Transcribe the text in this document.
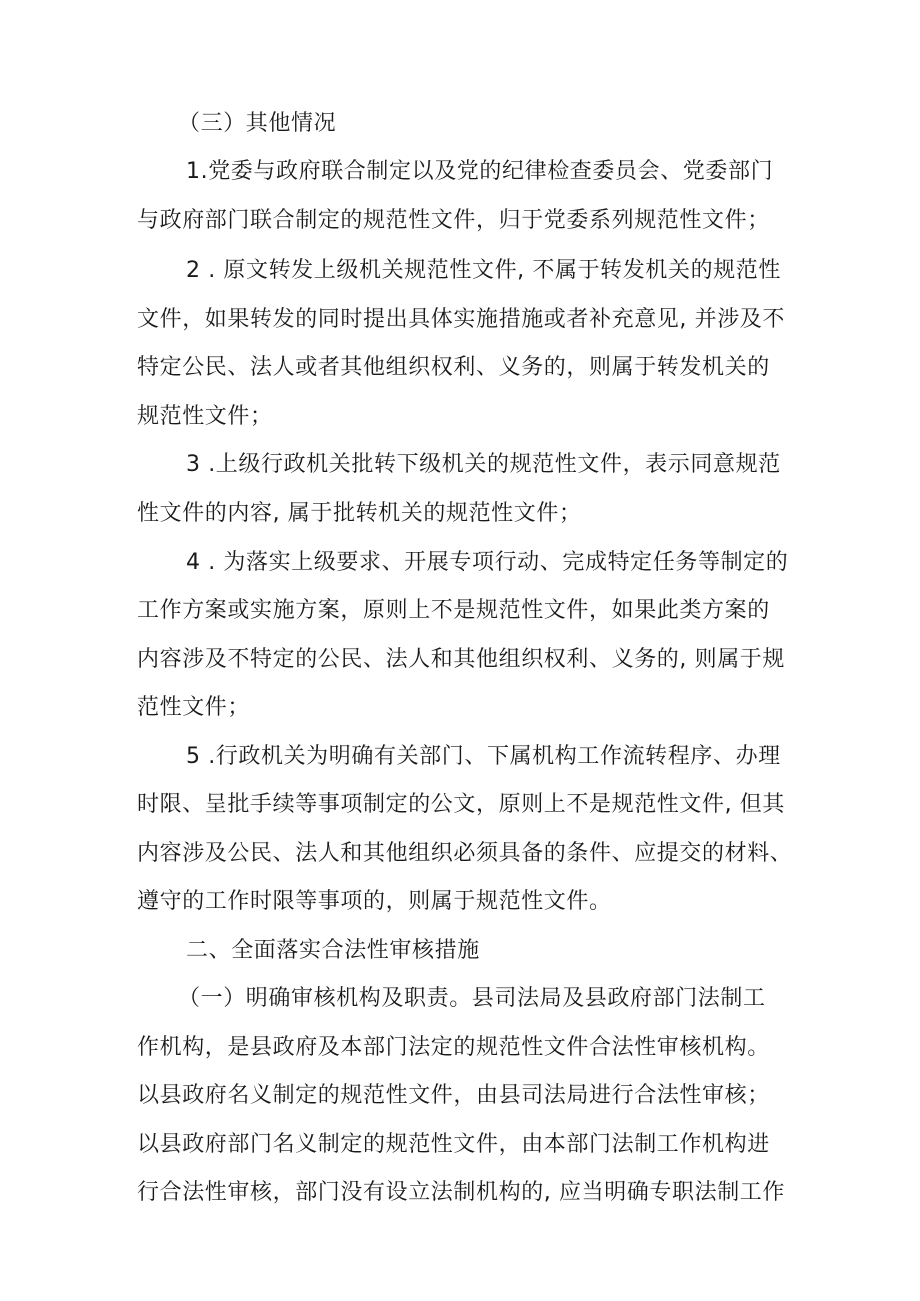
（三）其他情况
1.党委与政府联合制定以及党的纪律检查委员会、党委部门
与政府部门联合制定的规范性文件，归于党委系列规范性文件；
2 . 原文转发上级机关规范性文件, 不属于转发机关的规范性
文件，如果转发的同时提出具体实施措施或者补充意见, 并涉及不
特定公民、法人或者其他组织权利、义务的，则属于转发机关的
规范性文件；
3 .上级行政机关批转下级机关的规范性文件，表示同意规范
性文件的内容, 属于批转机关的规范性文件；
4 . 为落实上级要求、开展专项行动、完成特定任务等制定的
工作方案或实施方案，原则上不是规范性文件，如果此类方案的
内容涉及不特定的公民、法人和其他组织权利、义务的, 则属于规
范性文件；
5 .行政机关为明确有关部门、下属机构工作流转程序、办理
时限、呈批手续等事项制定的公文，原则上不是规范性文件, 但其
内容涉及公民、法人和其他组织必须具备的条件、应提交的材料、
遵守的工作时限等事项的，则属于规范性文件。
二、全面落实合法性审核措施
（一）明确审核机构及职责。县司法局及县政府部门法制工
作机构，是县政府及本部门法定的规范性文件合法性审核机构。
以县政府名义制定的规范性文件，由县司法局进行合法性审核；
以县政府部门名义制定的规范性文件，由本部门法制工作机构进
行合法性审核，部门没有设立法制机构的, 应当明确专职法制工作
